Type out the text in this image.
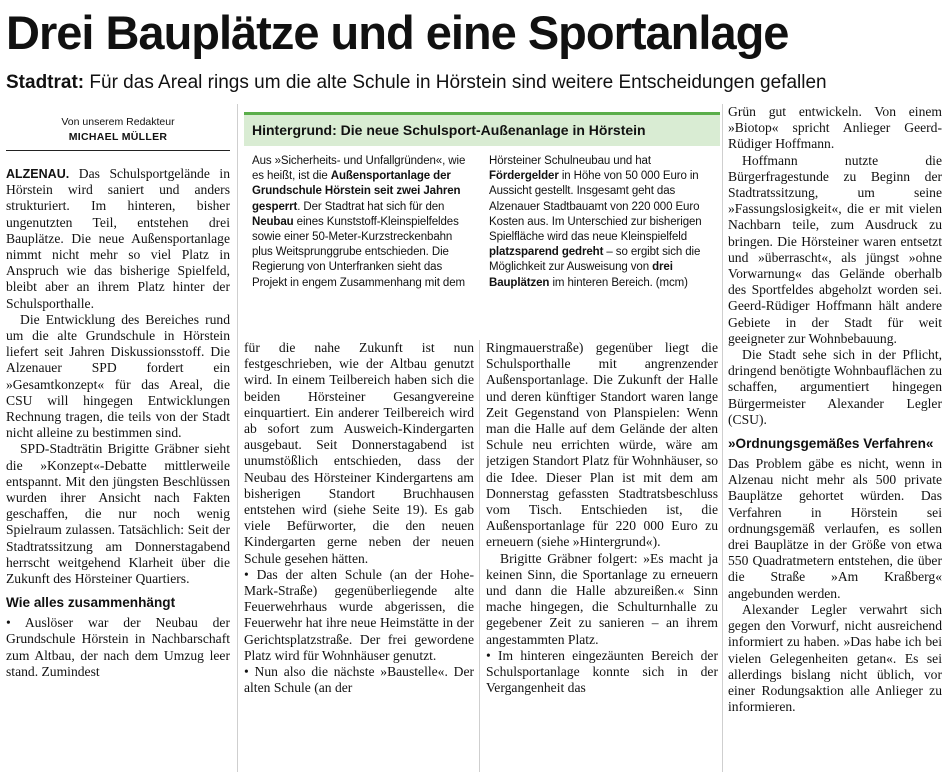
Drei Bauplätze und eine Sportanlage
Stadtrat: Für das Areal rings um die alte Schule in Hörstein sind weitere Entscheidungen gefallen
Von unserem Redakteur
MICHAEL MÜLLER	Hintergrund: Die neue Schulsport-Außenanlage in Hörstein
Aus »Sicherheits- und Unfallgründen«, wie es heißt, ist die Außensportanlage der Grundschule Hörstein seit zwei Jahren gesperrt. Der Stadtrat hat sich für den Neubau eines Kunststoff-Kleinspielfeldes sowie einer 50-Meter-Kurzstreckenbahn plus Weitsprunggrube entschieden. Die Regierung von Unterfranken sieht das Projekt in engem Zusammenhang mit dem
Hörsteiner Schulneubau und hat Fördergelder in Höhe von 50 000 Euro in Aussicht gestellt. Insgesamt geht das Alzenauer Stadtbauamt von 220 000 Euro Kosten aus. Im Unterschied zur bisherigen Spielfläche wird das neue Kleinspielfeld platzsparend gedreht – so ergibt sich die Möglichkeit zur Ausweisung von drei Bauplätzen im hinteren Bereich. (mcm)

ALZENAU. Das Schulsportgelände in Hörstein wird saniert und anders strukturiert. Im hinteren, bisher ungenutzten Teil, entstehen drei Bauplätze. Die neue Außensportanlage nimmt nicht mehr so viel Platz in Anspruch wie das bisherige Spielfeld, bleibt aber an ihrem Platz hinter der Schulsporthalle.

Die Entwicklung des Bereiches rund um die alte Grundschule in Hörstein liefert seit Jahren Diskussionsstoff. Die Alzenauer SPD fordert ein »Gesamtkonzept« für das Areal, die CSU will hingegen Entwicklungen Rechnung tragen, die teils von der Stadt nicht alleine zu bestimmen sind.

SPD-Stadträtin Brigitte Gräbner sieht die »Konzept«-Debatte mittlerweile entspannt. Mit den jüngsten Beschlüssen wurden ihrer Ansicht nach Fakten geschaffen, die nur noch wenig Spielraum zulassen. Tatsächlich: Seit der Stadtratssitzung am Donnerstagabend herrscht weitgehend Klarheit über die Zukunft des Hörsteiner Quartiers.

Wie alles zusammenhängt

• Auslöser war der Neubau der Grundschule Hörstein in Nachbarschaft zum Altbau, der nach dem Umzug leer stand. Zumindest

für die nahe Zukunft ist nun festgeschrieben, wie der Altbau genutzt wird. In einem Teilbereich haben sich die beiden Hörsteiner Gesangvereine einquartiert. Ein anderer Teilbereich wird ab sofort zum Ausweich-Kindergarten ausgebaut. Seit Donnerstagabend ist unumstößlich entschieden, dass der Neubau des Hörsteiner Kindergartens am bisherigen Standort Bruchhausen entstehen wird (siehe Seite 19). Es gab viele Befürworter, die den neuen Kindergarten gerne neben der neuen Schule gesehen hätten.

• Das der alten Schule (an der Hohe-Mark-Straße) gegenüberliegende alte Feuerwehrhaus wurde abgerissen, die Feuerwehr hat ihre neue Heimstätte in der Gerichtsplatzstraße. Der frei gewordene Platz wird für Wohnhäuser genutzt.

• Nun also die nächste »Baustelle«. Der alten Schule (an der

Ringmauerstraße) gegenüber liegt die Schulsporthalle mit angrenzender Außensportanlage. Die Zukunft der Halle und deren künftiger Standort waren lange Zeit Gegenstand von Planspielen: Wenn man die Halle auf dem Gelände der alten Schule neu errichten würde, wäre am jetzigen Standort Platz für Wohnhäuser, so die Idee. Dieser Plan ist mit dem am Donnerstag gefassten Stadtratsbeschluss vom Tisch. Entschieden ist, die Außensportanlage für 220 000 Euro zu erneuern (siehe »Hintergrund«).

Brigitte Gräbner folgert: »Es macht ja keinen Sinn, die Sportanlage zu erneuern und dann die Halle abzureißen.« Sinn mache hingegen, die Schulturnhalle zu gegebener Zeit zu sanieren – an ihrem angestammten Platz.

• Im hinteren eingezäunten Bereich der Schulsportanlage konnte sich in der Vergangenheit das

Grün gut entwickeln. Von einem »Biotop« spricht Anlieger Geerd-Rüdiger Hoffmann.

Hoffmann nutzte die Bürgerfragestunde zu Beginn der Stadtratssitzung, um seine »Fassungslosigkeit«, die er mit vielen Nachbarn teile, zum Ausdruck zu bringen. Die Hörsteiner waren entsetzt und »überrascht«, als jüngst »ohne Vorwarnung« das Gelände oberhalb des Sportfeldes abgeholzt worden sei. Geerd-Rüdiger Hoffmann hält andere Gebiete in der Stadt für weit geeigneter zur Wohnbebauung.

Die Stadt sehe sich in der Pflicht, dringend benötigte Wohnbauflächen zu schaffen, argumentiert hingegen Bürgermeister Alexander Legler (CSU).

»Ordnungsgemäßes Verfahren«

Das Problem gäbe es nicht, wenn in Alzenau nicht mehr als 500 private Bauplätze gehortet würden. Das Verfahren in Hörstein sei ordnungsgemäß verlaufen, es sollen drei Bauplätze in der Größe von etwa 550 Quadratmetern entstehen, die über die Straße »Am Kraßberg« angebunden werden.

Alexander Legler verwahrt sich gegen den Vorwurf, nicht ausreichend informiert zu haben. »Das habe ich bei vielen Gelegenheiten getan«. Es sei allerdings bislang nicht üblich, vor einer Rodungsaktion alle Anlieger zu informieren.
